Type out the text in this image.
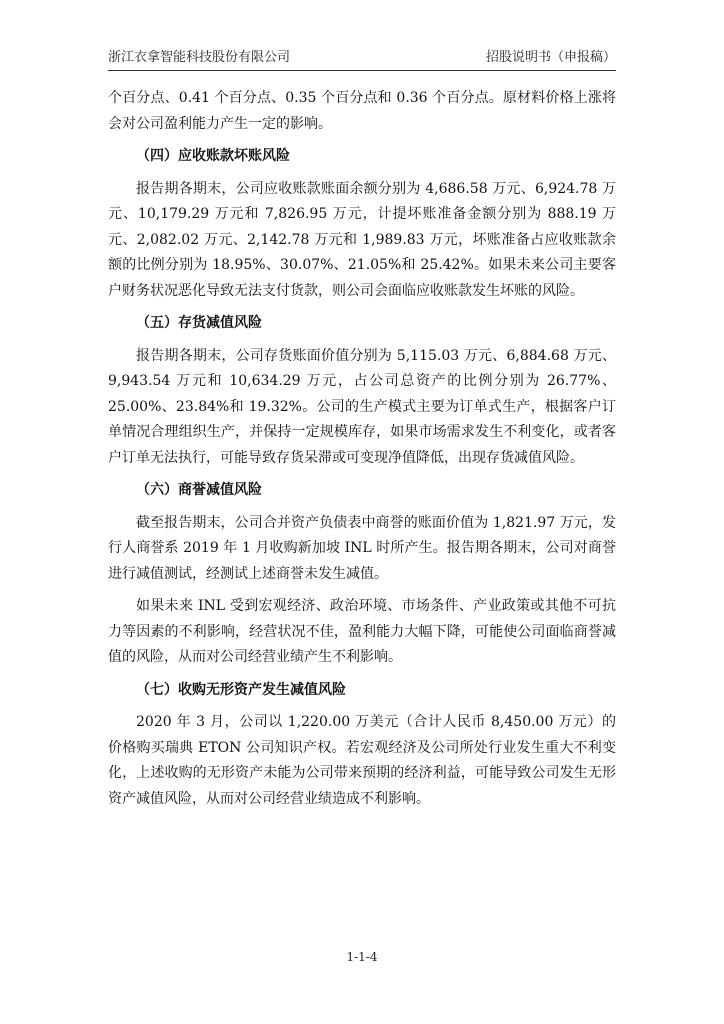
浙江衣拿智能科技股份有限公司	招股说明书（申报稿）

个百分点、0.41 个百分点、0.35 个百分点和 0.36 个百分点。原材料价格上涨将会对公司盈利能力产生一定的影响。

（四）应收账款坏账风险

报告期各期末，公司应收账款账面余额分别为 4,686.58 万元、6,924.78 万元、10,179.29 万元和 7,826.95 万元，计提坏账准备金额分别为 888.19 万元、2,082.02 万元、2,142.78 万元和 1,989.83 万元，坏账准备占应收账款余额的比例分别为 18.95%、30.07%、21.05%和 25.42%。如果未来公司主要客户财务状况恶化导致无法支付货款，则公司会面临应收账款发生坏账的风险。

（五）存货减值风险

报告期各期末，公司存货账面价值分别为 5,115.03 万元、6,884.68 万元、9,943.54 万元和 10,634.29 万元，占公司总资产的比例分别为 26.77%、25.00%、23.84%和 19.32%。公司的生产模式主要为订单式生产，根据客户订单情况合理组织生产，并保持一定规模库存，如果市场需求发生不利变化，或者客户订单无法执行，可能导致存货呆滞或可变现净值降低，出现存货减值风险。

（六）商誉减值风险

截至报告期末，公司合并资产负债表中商誉的账面价值为 1,821.97 万元，发行人商誉系 2019 年 1 月收购新加坡 INL 时所产生。报告期各期末，公司对商誉进行减值测试，经测试上述商誉未发生减值。

如果未来 INL 受到宏观经济、政治环境、市场条件、产业政策或其他不可抗力等因素的不利影响，经营状况不佳，盈利能力大幅下降，可能使公司面临商誉减值的风险，从而对公司经营业绩产生不利影响。

（七）收购无形资产发生减值风险

2020 年 3 月，公司以 1,220.00 万美元（合计人民币 8,450.00 万元）的价格购买瑞典 ETON 公司知识产权。若宏观经济及公司所处行业发生重大不利变化，上述收购的无形资产未能为公司带来预期的经济利益，可能导致公司发生无形资产减值风险，从而对公司经营业绩造成不利影响。

1-1-4
